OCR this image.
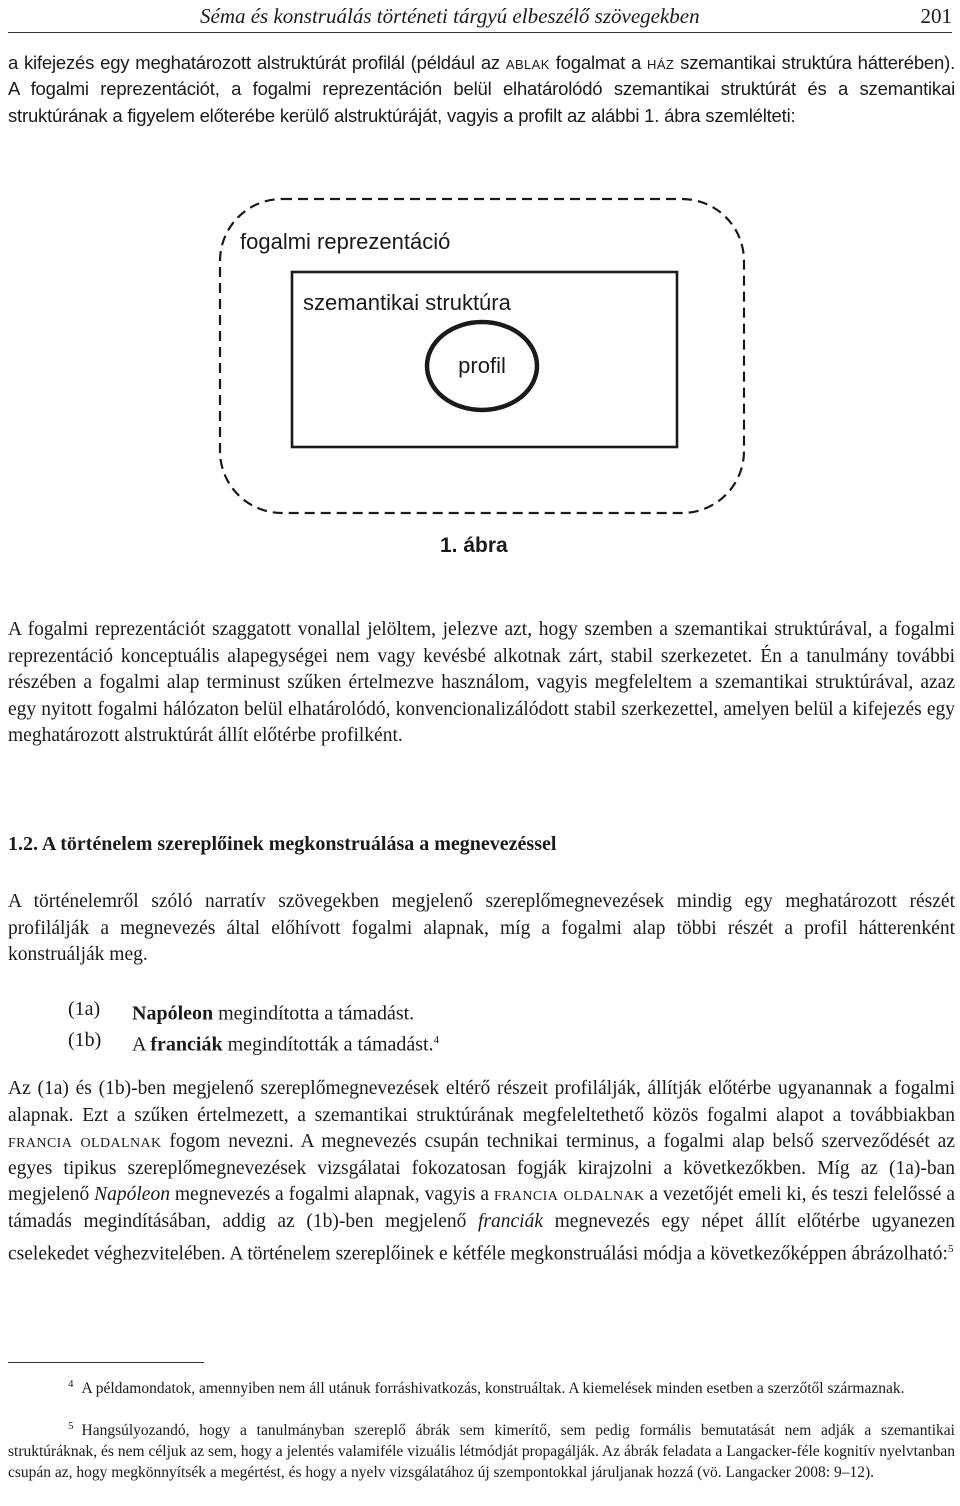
Séma és konstruálás történeti tárgyú elbeszélő szövegekben	201

a kifejezés egy meghatározott alstruktúrát profilál (például az ablak fogalmat a ház szemantikai struktúra hátterében). A fogalmi reprezentációt, a fogalmi reprezentáción belül elhatárolódó szemantikai struktúrát és a szemantikai struktúrának a figyelem előterébe kerülő alstruktúráját, vagyis a profilt az alábbi 1. ábra szemlélteti:

fogalmi reprezentáció
szemantikai struktúra
profil
1. ábra

A fogalmi reprezentációt szaggatott vonallal jelöltem, jelezve azt, hogy szemben a szemantikai struktúrával, a fogalmi reprezentáció konceptuális alapegységei nem vagy kevésbé alkotnak zárt, stabil szerkezetet. Én a tanulmány további részében a fogalmi alap terminust szűken értelmezve használom, vagyis megfeleltem a szemantikai struktúrával, azaz egy nyitott fogalmi hálózaton belül elhatárolódó, konvencionalizálódott stabil szerkezettel, amelyen belül a kifejezés egy meghatározott alstruktúrát állít előtérbe profilként.

1.2. A történelem szereplőinek megkonstruálása a megnevezéssel

A történelemről szóló narratív szövegekben megjelenő szereplőmegnevezések mindig egy meghatározott részét profilálják a megnevezés által előhívott fogalmi alapnak, míg a fogalmi alap többi részét a profil hátterenként konstruálják meg.

(1a)	Napóleon megindította a támadást.
(1b)	A franciák megindították a támadást.$^4$

Az (1a) és (1b)-ben megjelenő szereplőmegnevezések eltérő részeit profilálják, állítják előtérbe ugyanannak a fogalmi alapnak. Ezt a szűken értelmezett, a szemantikai struktúrának megfeleltethető közös fogalmi alapot a továbbiakban francia oldalnak fogom nevezni. A megnevezés csupán technikai terminus, a fogalmi alap belső szerveződését az egyes tipikus szereplőmegnevezések vizsgálatai fokozatosan fogják kirajzolni a következőkben. Míg az (1a)-ban megjelenő Napóleon megnevezés a fogalmi alapnak, vagyis a francia oldalnak a vezetőjét emeli ki, és teszi felelőssé a támadás megindításában, addig az (1b)-ben megjelenő franciák megnevezés egy népet állít előtérbe ugyanezen cselekedet véghezvitelében. A történelem szereplőinek e kétféle megkonstruálási módja a következőképpen ábrázolható:$^5$

$^4$ A példamondatok, amennyiben nem áll utánuk forráshivatkozás, konstruáltak. A kiemelések minden esetben a szerzőtől származnak.

$^5$ Hangsúlyozandó, hogy a tanulmányban szereplő ábrák sem kimerítő, sem pedig formális bemutatását nem adják a szemantikai struktúráknak, és nem céljuk az sem, hogy a jelentés valamiféle vizuális létmódját propagálják. Az ábrák feladata a Langacker-féle kognitív nyelvtanban csupán az, hogy megkönnyítsék a megértést, és hogy a nyelv vizsgálatához új szempontokkal járuljanak hozzá (vö. Langacker 2008: 9–12).
